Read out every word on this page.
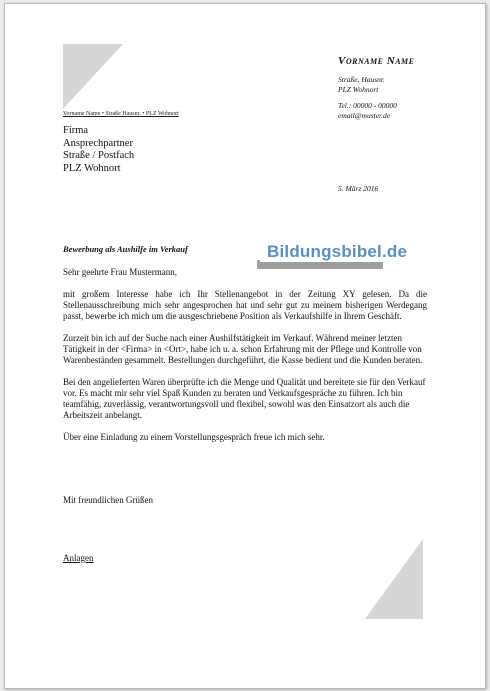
Vorname Name
Straße, Hausnr.
PLZ Wohnort
Tel.: 00000 - 00000
email@muster.de
Vorname Name • Straße Hausnr. • PLZ Wohnort
Firma
Ansprechpartner
Straße / Postfach
PLZ Wohnort
5. März 2016
Bewerbung als Aushilfe im Verkauf	Bildungsbibel.de

Sehr geehrte Frau Mustermann,

mit großem Interesse habe ich Ihr Stellenangebot in der Zeitung XY gelesen. Da die Stellenausschreibung mich sehr angesprochen hat und sehr gut zu meinem bisherigen Werdegang passt, bewerbe ich mich um die ausgeschriebene Position als Verkaufshilfe in Ihrem Geschäft.

Zurzeit bin ich auf der Suche nach einer Aushilfstätigkeit im Verkauf. Während meiner letzten Tätigkeit in der <Firma> in <Ort>, habe ich u. a. schon Erfahrung mit der Pflege und Kontrolle von Warenbeständen gesammelt. Bestellungen durchgeführt, die Kasse bedient und die Kunden beraten.

Bei den angelieferten Waren überprüfte ich die Menge und Qualität und bereitete sie für den Verkauf vor. Es macht mir sehr viel Spaß Kunden zu beraten und Verkaufsgespräche zu führen. Ich bin teamfähig, zuverlässig, verantwortungsvoll und flexibel, sowohl was den Einsatzort als auch die Arbeitszeit anbelangt.

Über eine Einladung zu einem Vorstellungsgespräch freue ich mich sehr.

Mit freundlichen Grüßen
Anlagen
